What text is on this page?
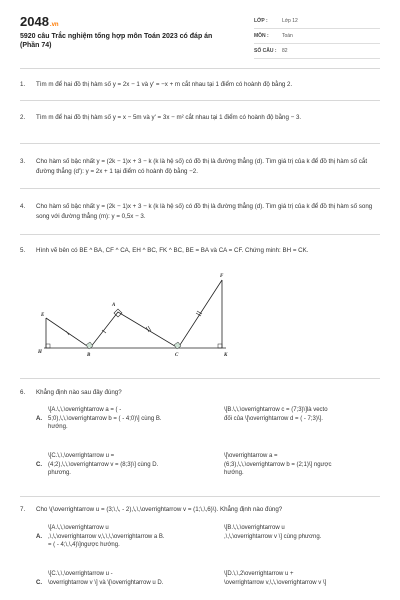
2048.vn
5920 câu Trắc nghiệm tổng hợp môn Toán 2023 có đáp án (Phần 74)
LỚP :	Lớp 12
MÔN :	Toán
SỐ CÂU :	82
1. Tìm m để hai đồ thị hàm số y = 2x − 1 và y' = −x + m cắt nhau tại 1 điểm có hoành độ bằng 2.
2. Tìm m để hai đồ thị hàm số y = x − 5m và y' = 3x − m² cắt nhau tại 1 điểm có hoành độ bằng − 3.
3. Cho hàm số bậc nhất y = (2k − 1)x + 3 − k (k là hệ số) có đồ thị là đường thẳng (d). Tìm giá trị của k để đồ thị hàm số cắt đường thẳng (d'): y = 2x + 1 tại điểm có hoành độ bằng −2.
4. Cho hàm số bậc nhất y = (2k − 1)x + 3 − k (k là hệ số) có đồ thị là đường thẳng (d). Tìm giá trị của k để đồ thị hàm số song song với đường thẳng (m): y = 0,5x − 3.
5. Hình vẽ bên có BE ^ BA, CF ^ CA, EH ^ BC, FK ^ BC, BE = BA và CA = CF. Chứng minh: BH = CK.
E
H
B
A
C
F
K
6. Khẳng định nào sau đây đúng?
A.
\[A.\,\,\overrightarrow a = ( -
5;0),\,\,\overrightarrow b = ( - 4;0)\] cùng B.
hướng.
\[B.\,\,\overrightarrow c = (7;3)\]là vecto
đối của \[\overrightarrow d = ( - 7;3)\].
C.
\[C.\,\,\overrightarrow u =
(4;2),\,\,\overrightarrow v = (8;3)\] cùng D.
phương.
\[\overrightarrow a =
(6;3),\,\,\overrightarrow b = (2;1)\] ngược
hướng.
7. Cho \(\overrightarrow u = (3;\,\, - 2),\,\,\overrightarrow v = (1;\,\,6)\). Khẳng định nào đúng?
A.
\[A.\,\,\overrightarrow u
,\,\,\overrightarrow v,\,\,\,\overrightarrow a B.
= ( - 4;\,\,4)\]ngược hướng.
\[B.\,\,\overrightarrow u
,\,\,\overrightarrow v \] cùng phương.
C.
\[C.\,\,\overrightarrow u -
\overrightarrow v \] và \[\overrightarrow u D.
\[D.\,\,2\overrightarrow u +
\overrightarrow v,\,\,\overrightarrow v \]
